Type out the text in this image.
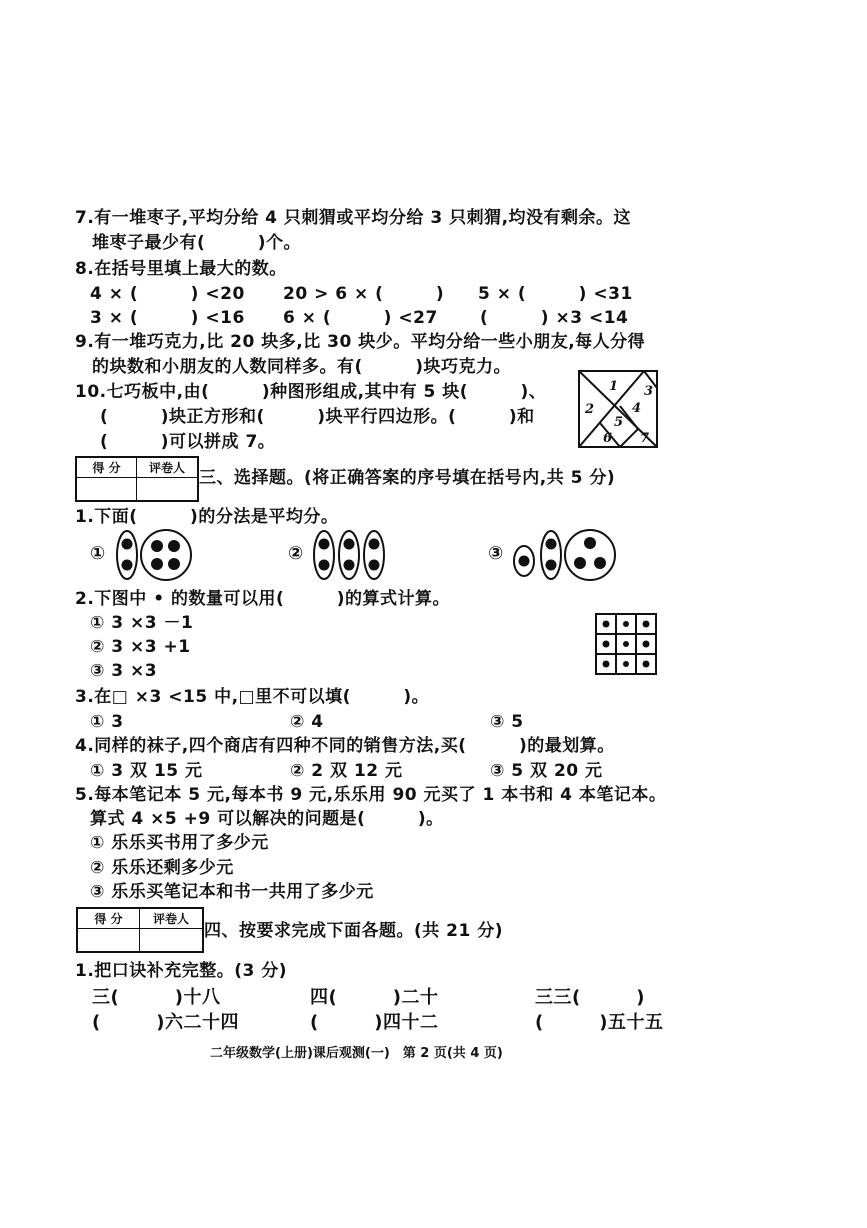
7.有一堆枣子,平均分给 4 只刺猬或平均分给 3 只刺猬,均没有剩余。这
堆枣子最少有(　　　)个。
8.在括号里填上最大的数。
4 × (　　　) <20 20 > 6 × (　　　) 5 × (　　　) <31
3 × (　　　) <16 6 × (　　　) <27 (　　　) ×3 <14
9.有一堆巧克力,比 20 块多,比 30 块少。平均分给一些小朋友,每人分得
的块数和小朋友的人数同样多。有(　　　)块巧克力。
10.七巧板中,由(　　　)种图形组成,其中有 5 块(　　　)、
(　　　)块正方形和(　　　)块平行四边形。(　　　)和
(　　　)可以拼成 7。
1
2
3
4
5
6 7
得 分	评卷人 三、选择题。(将正确答案的序号填在括号内,共 5 分)
1.下面(　　　)的分法是平均分。
①	②	③
2.下图中 • 的数量可以用(　　　)的算式计算。
① 3 ×3 －1
② 3 ×3 +1
③ 3 ×3
3.在□ ×3 <15 中,□里不可以填(　　　)。
① 3	② 4	③ 5
4.同样的袜子,四个商店有四种不同的销售方法,买(　　　)的最划算。
① 3 双 15 元	② 2 双 12 元	③ 5 双 20 元
5.每本笔记本 5 元,每本书 9 元,乐乐用 90 元买了 1 本书和 4 本笔记本。
算式 4 ×5 +9 可以解决的问题是(　　　)。
① 乐乐买书用了多少元
② 乐乐还剩多少元
③ 乐乐买笔记本和书一共用了多少元
得 分	评卷人
四、按要求完成下面各题。(共 21 分)
1.把口诀补充完整。(3 分)
三(　　　)十八	四(　　　)二十	三三(　　　)
(　　　)六二十四	(　　　)四十二	(　　　)五十五
二年级数学(上册)课后观测(一)　第 2 页(共 4 页)
